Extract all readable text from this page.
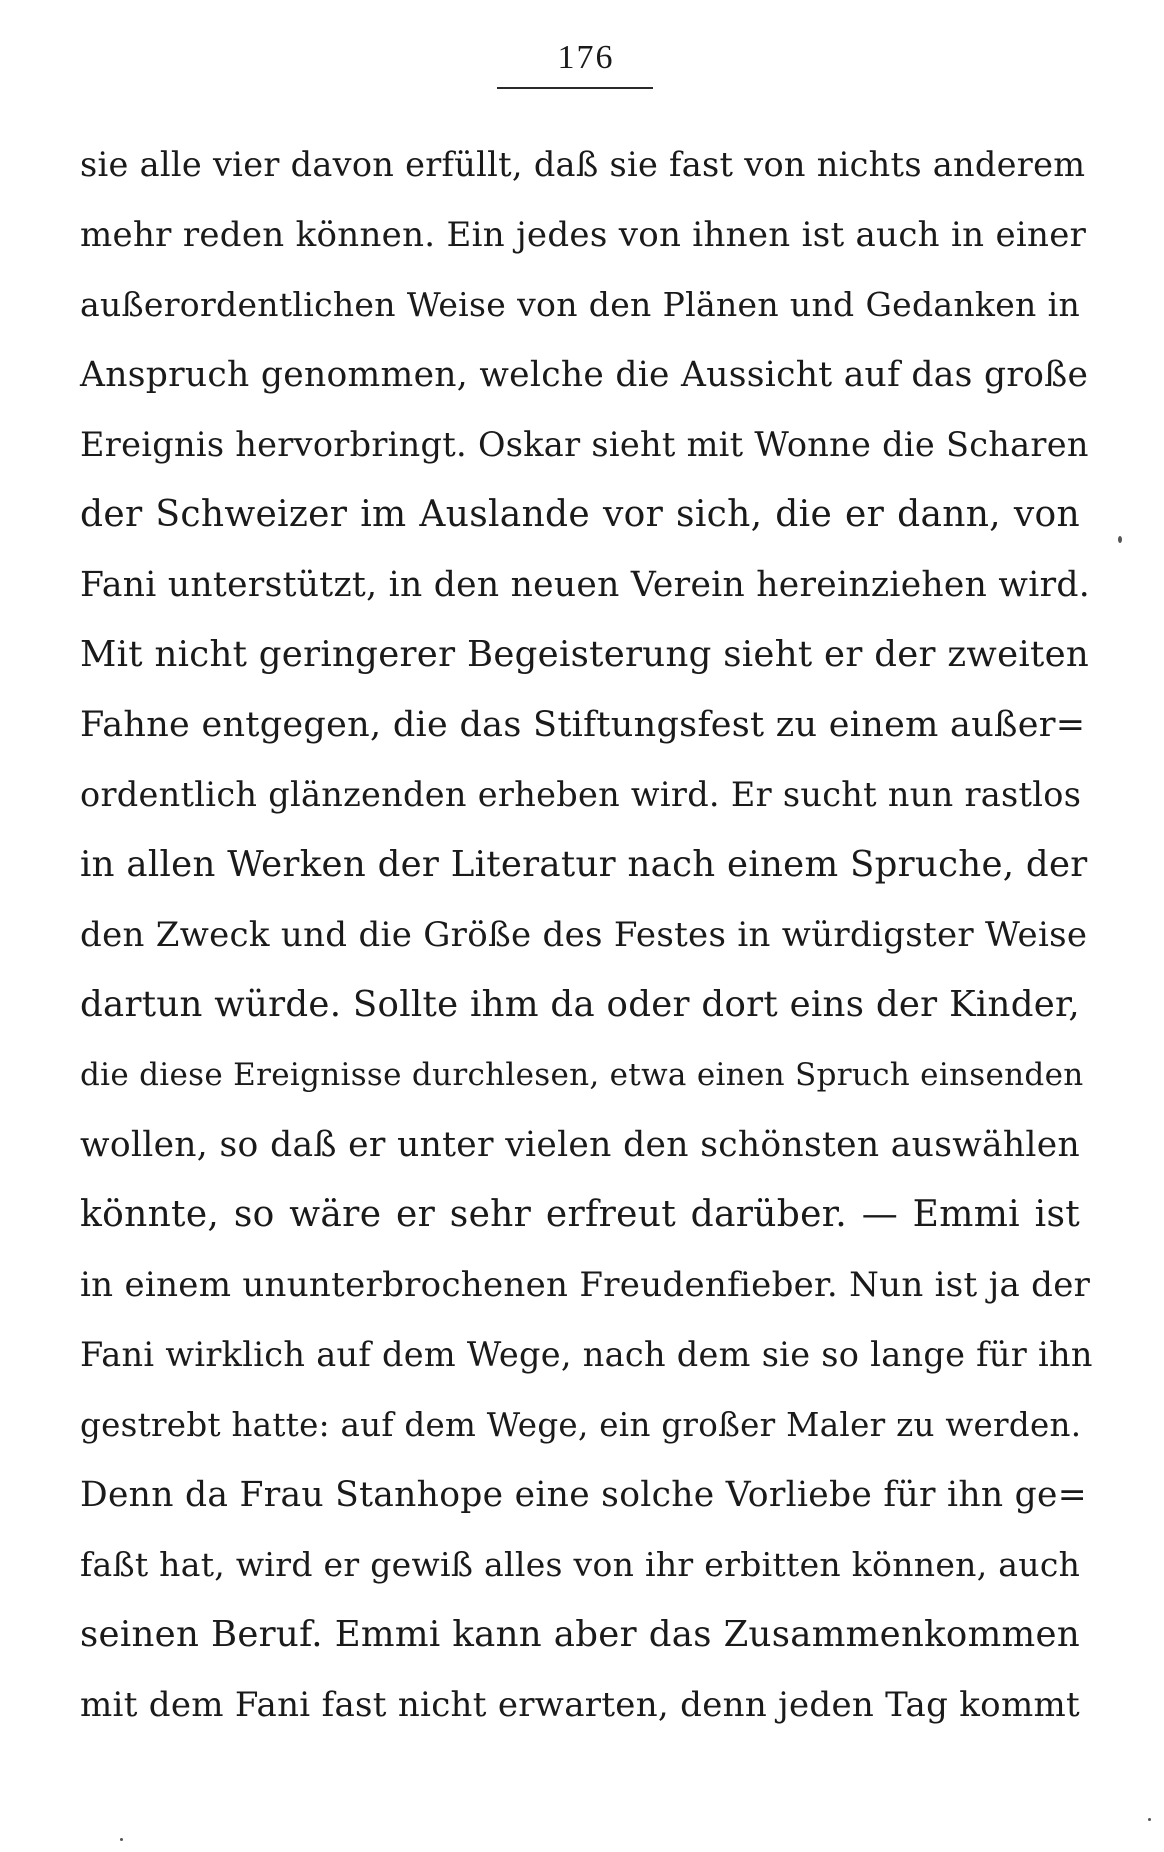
176
sie alle vier davon erfüllt, daß sie fast von nichts anderem
mehr reden können. Ein jedes von ihnen ist auch in einer
außerordentlichen Weise von den Plänen und Gedanken in
Anspruch genommen, welche die Aussicht auf das große
Ereignis hervorbringt. Oskar sieht mit Wonne die Scharen
der Schweizer im Auslande vor sich, die er dann, von
Fani unterstützt, in den neuen Verein hereinziehen wird.
Mit nicht geringerer Begeisterung sieht er der zweiten
Fahne entgegen, die das Stiftungsfest zu einem außer=
ordentlich glänzenden erheben wird. Er sucht nun rastlos
in allen Werken der Literatur nach einem Spruche, der
den Zweck und die Größe des Festes in würdigster Weise
dartun würde. Sollte ihm da oder dort eins der Kinder,
die diese Ereignisse durchlesen, etwa einen Spruch einsenden
wollen, so daß er unter vielen den schönsten auswählen
könnte, so wäre er sehr erfreut darüber. — Emmi ist
in einem ununterbrochenen Freudenfieber. Nun ist ja der
Fani wirklich auf dem Wege, nach dem sie so lange für ihn
gestrebt hatte: auf dem Wege, ein großer Maler zu werden.
Denn da Frau Stanhope eine solche Vorliebe für ihn ge=
faßt hat, wird er gewiß alles von ihr erbitten können, auch
seinen Beruf. Emmi kann aber das Zusammenkommen
mit dem Fani fast nicht erwarten, denn jeden Tag kommt
